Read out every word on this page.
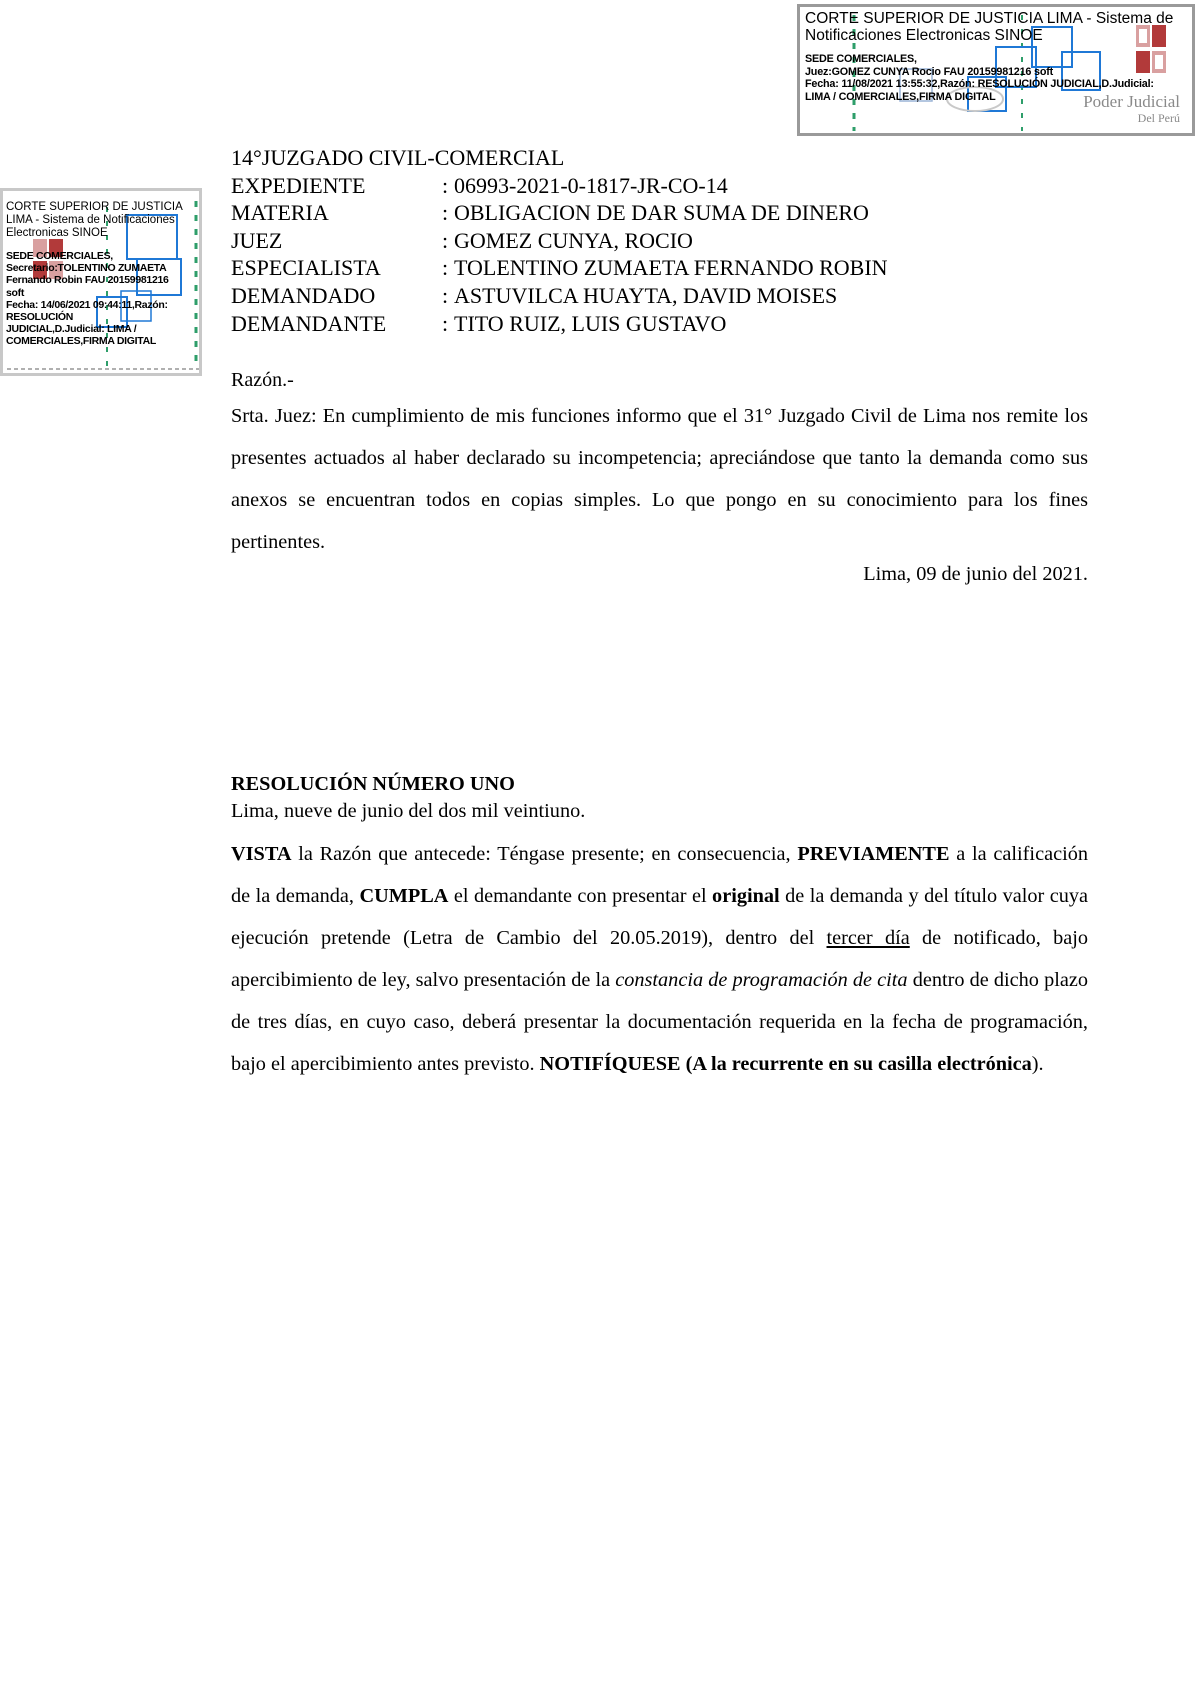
CORTE SUPERIOR DE JUSTICIA LIMA - Sistema de
Notificaciones Electronicas SINOE
SEDE COMERCIALES,
Juez:GOMEZ CUNYA Rocio FAU 20159981216 soft
Fecha: 11/08/2021 13:55:32,Razón: RESOLUCIÓN JUDICIAL,D.Judicial:
LIMA / COMERCIALES,FIRMA DIGITAL	Poder Judicial
Del Perú
CORTE SUPERIOR DE JUSTICIA
LIMA - Sistema de Notificaciones
Electronicas SINOE
SEDE COMERCIALES,
Secretario:TOLENTINO ZUMAETA
Fernando Robin FAU 20159981216
soft
Fecha: 14/06/2021 09:44:11,Razón:
RESOLUCIÓN
JUDICIAL,D.Judicial: LIMA /
COMERCIALES,FIRMA DIGITAL
14°JUZGADO CIVIL-COMERCIAL
EXPEDIENTE	: 06993-2021-0-1817-JR-CO-14
MATERIA	: OBLIGACION DE DAR SUMA DE DINERO
JUEZ	: GOMEZ CUNYA, ROCIO
ESPECIALISTA	: TOLENTINO ZUMAETA FERNANDO ROBIN
DEMANDADO	: ASTUVILCA HUAYTA, DAVID MOISES
DEMANDANTE	: TITO RUIZ, LUIS GUSTAVO
Razón.-
Srta. Juez: En cumplimiento de mis funciones informo que el 31° Juzgado Civil de Lima nos remite los presentes actuados al haber declarado su incompetencia; apreciándose que tanto la demanda como sus anexos se encuentran todos en copias simples. Lo que pongo en su conocimiento para los fines pertinentes.
Lima, 09 de junio del 2021.
RESOLUCIÓN NÚMERO UNO
Lima, nueve de junio del dos mil veintiuno.
VISTA la Razón que antecede: Téngase presente; en consecuencia, PREVIAMENTE a la calificación de la demanda, CUMPLA el demandante con presentar el original de la demanda y del título valor cuya ejecución pretende (Letra de Cambio del 20.05.2019), dentro del tercer día de notificado, bajo apercibimiento de ley, salvo presentación de la constancia de programación de cita dentro de dicho plazo de tres días, en cuyo caso, deberá presentar la documentación requerida en la fecha de programación, bajo el apercibimiento antes previsto. NOTIFÍQUESE (A la recurrente en su casilla electrónica).
